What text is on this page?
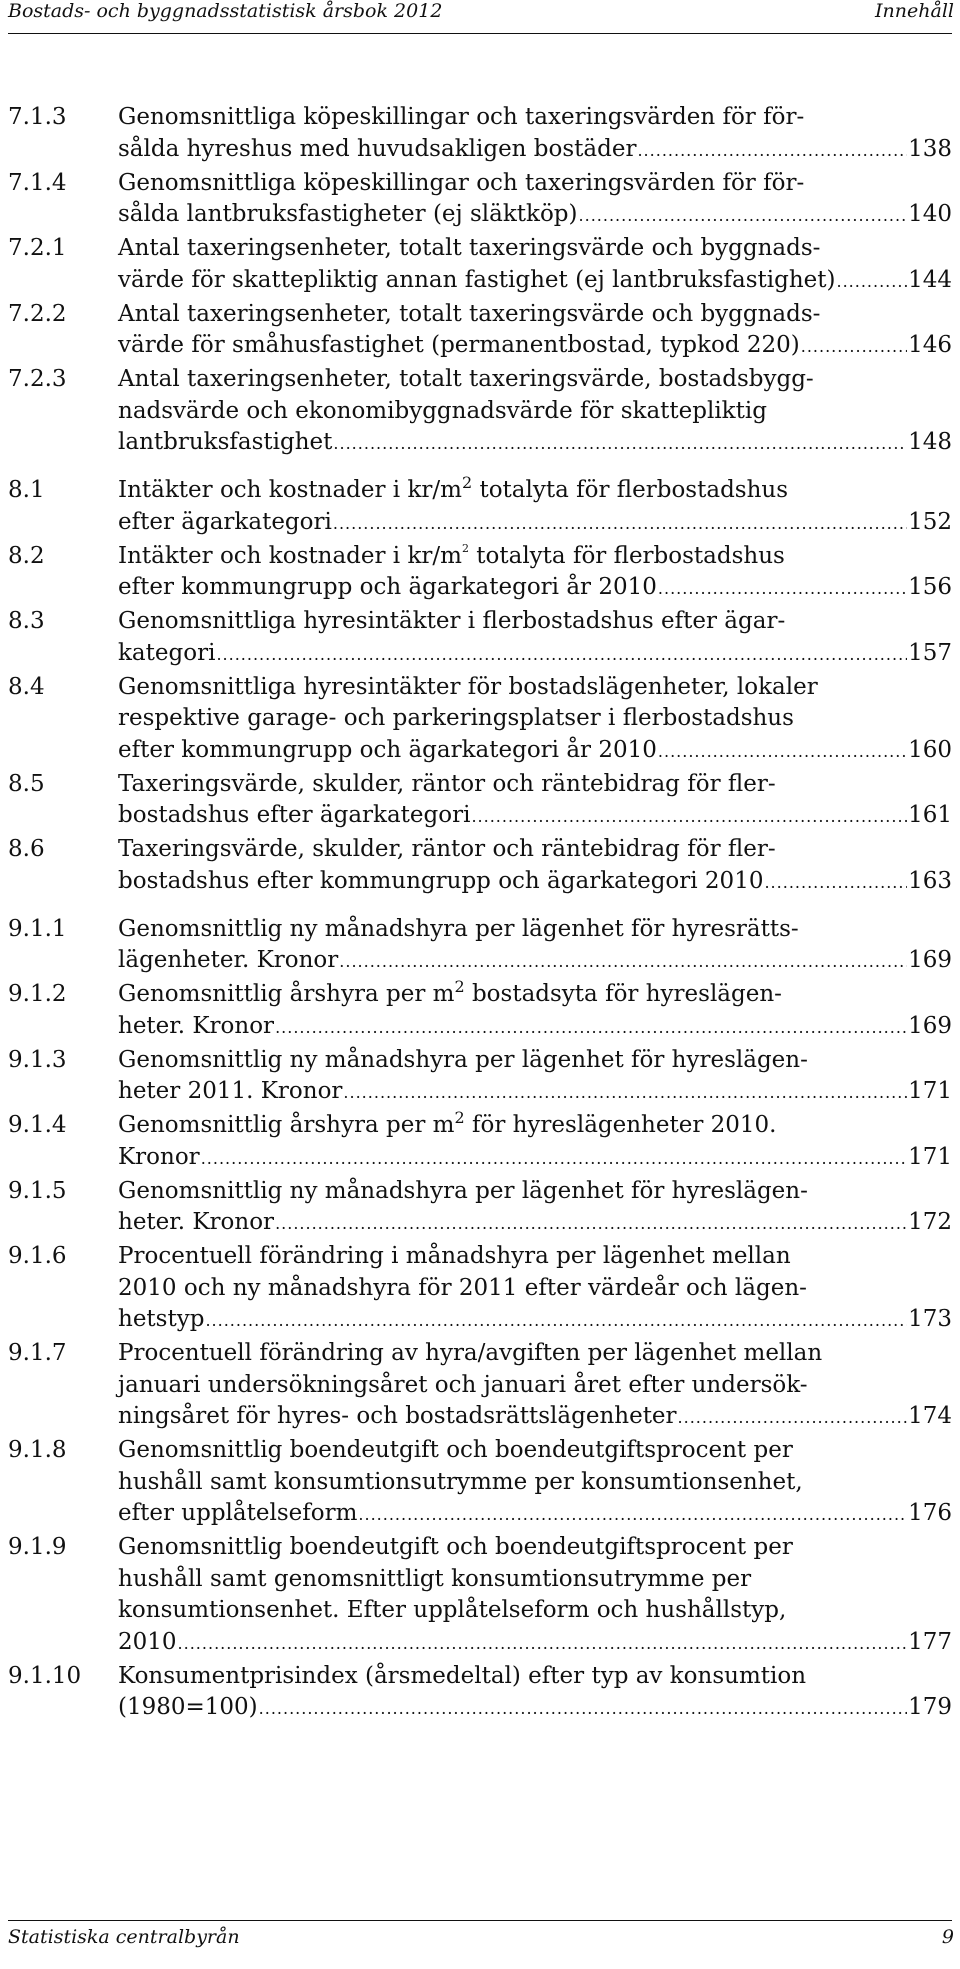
Bostads- och byggnadsstatistisk årsbok 2012	Innehåll
7.1.3 Genomsnittliga köpeskillingar och taxeringsvärden för för-
sålda hyreshus med huvudsakligen bostäder .....	138
7.1.4 Genomsnittliga köpeskillingar och taxeringsvärden för för-
sålda lantbruksfastigheter (ej släktköp) .....	140
7.2.1 Antal taxeringsenheter, totalt taxeringsvärde och byggnads-
värde för skattepliktig annan fastighet (ej lantbruksfastighet) .....	144
7.2.2 Antal taxeringsenheter, totalt taxeringsvärde och byggnads-
värde för småhusfastighet (permanentbostad, typkod 220) .....	146
7.2.3 Antal taxeringsenheter, totalt taxeringsvärde, bostadsbygg-
nadsvärde och ekonomibyggnadsvärde för skattepliktig
lantbruksfastighet .....	148
8.1	Intäkter och kostnader i $kr/m^2$ totalyta för flerbostadshus
efter ägarkategori .....	152
8.2	Intäkter och kostnader i $kr/m^2$ totalyta för flerbostadshus
efter kommungrupp och ägarkategori år 2010 .....	156
8.3	Genomsnittliga hyresintäkter i flerbostadshus efter ägar-
kategori .....	157
8.4	Genomsnittliga hyresintäkter för bostadslägenheter, lokaler
respektive garage- och parkeringsplatser i flerbostadshus
efter kommungrupp och ägarkategori år 2010 .....	160
8.5	Taxeringsvärde, skulder, räntor och räntebidrag för fler-
bostadshus efter ägarkategori .....	161
8.6	Taxeringsvärde, skulder, räntor och räntebidrag för fler-
bostadshus efter kommungrupp och ägarkategori 2010 .....	163
9.1.1 Genomsnittlig ny månadshyra per lägenhet för hyresrätts-
lägenheter. Kronor .....	169
9.1.2 Genomsnittlig årshyra per $m^2$ bostadsyta för hyreslägen-
heter. Kronor .....	169
9.1.3 Genomsnittlig ny månadshyra per lägenhet för hyreslägen-
heter 2011. Kronor .....	171
9.1.4 Genomsnittlig årshyra per $m^2$ för hyreslägenheter 2010.
Kronor .....	171
9.1.5 Genomsnittlig ny månadshyra per lägenhet för hyreslägen-
heter. Kronor .....	172
9.1.6 Procentuell förändring i månadshyra per lägenhet mellan
2010 och ny månadshyra för 2011 efter värdeår och lägen-
hetstyp .....	173
9.1.7 Procentuell förändring av hyra/avgiften per lägenhet mellan
januari undersökningsåret och januari året efter undersök-
ningsåret för hyres- och bostadsrättslägenheter .....	174
9.1.8 Genomsnittlig boendeutgift och boendeutgiftsprocent per
hushåll samt konsumtionsutrymme per konsumtionsenhet,
efter upplåtelseform .....	176
9.1.9 Genomsnittlig boendeutgift och boendeutgiftsprocent per
hushåll samt genomsnittligt konsumtionsutrymme per
konsumtionsenhet. Efter upplåtelseform och hushållstyp,
2010 .....	177
9.1.10 Konsumentprisindex (årsmedeltal) efter typ av konsumtion
(1980=100) .....	179
Statistiska centralbyrån	9
